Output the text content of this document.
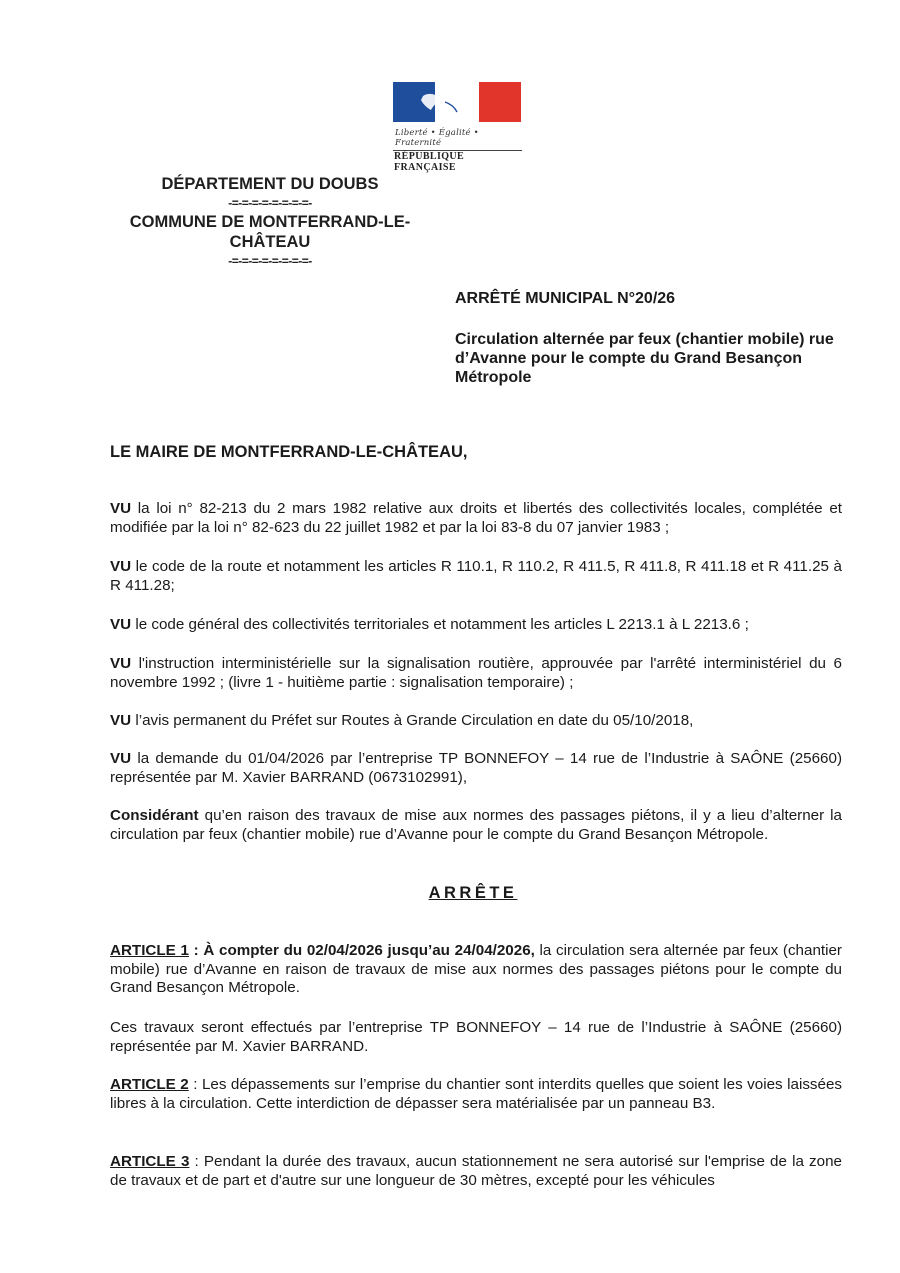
Liberté • Égalité • Fraternité
RÉPUBLIQUE FRANÇAISE
DÉPARTEMENT DU DOUBS
-=-=-=-=-=-=-=-=-
COMMUNE DE MONTFERRAND-LE-
CHÂTEAU
-=-=-=-=-=-=-=-=-
ARRÊTÉ MUNICIPAL N°20/26
Circulation alternée par feux (chantier mobile) rue d’Avanne pour le compte du Grand Besançon Métropole
LE MAIRE DE MONTFERRAND-LE-CHÂTEAU,
VU la loi n° 82-213 du 2 mars 1982 relative aux droits et libertés des collectivités locales, complétée et modifiée par la loi n° 82-623 du 22 juillet 1982 et par la loi 83-8 du 07 janvier 1983 ;
VU le code de la route et notamment les articles R 110.1, R 110.2, R 411.5, R 411.8, R 411.18 et R 411.25 à R 411.28;
VU le code général des collectivités territoriales et notamment les articles L 2213.1 à L 2213.6 ;
VU l'instruction interministérielle sur la signalisation routière, approuvée par l'arrêté interministériel du 6 novembre 1992 ; (livre 1 - huitième partie : signalisation temporaire) ;
VU l’avis permanent du Préfet sur Routes à Grande Circulation en date du 05/10/2018,
VU la demande du 01/04/2026 par l’entreprise TP BONNEFOY – 14 rue de l’Industrie à SAÔNE (25660) représentée par M. Xavier BARRAND (0673102991),
Considérant qu’en raison des travaux de mise aux normes des passages piétons, il y a lieu d’alterner la circulation par feux (chantier mobile) rue d’Avanne pour le compte du Grand Besançon Métropole.
ARRÊTE
ARTICLE 1 : À compter du 02/04/2026 jusqu’au 24/04/2026, la circulation sera alternée par feux (chantier mobile) rue d’Avanne en raison de travaux de mise aux normes des passages piétons pour le compte du Grand Besançon Métropole.
Ces travaux seront effectués par l’entreprise TP BONNEFOY – 14 rue de l’Industrie à SAÔNE (25660) représentée par M. Xavier BARRAND.
ARTICLE 2 : Les dépassements sur l’emprise du chantier sont interdits quelles que soient les voies laissées libres à la circulation. Cette interdiction de dépasser sera matérialisée par un panneau B3.
ARTICLE 3 : Pendant la durée des travaux, aucun stationnement ne sera autorisé sur l'emprise de la zone de travaux et de part et d'autre sur une longueur de 30 mètres, excepté pour les véhicules
